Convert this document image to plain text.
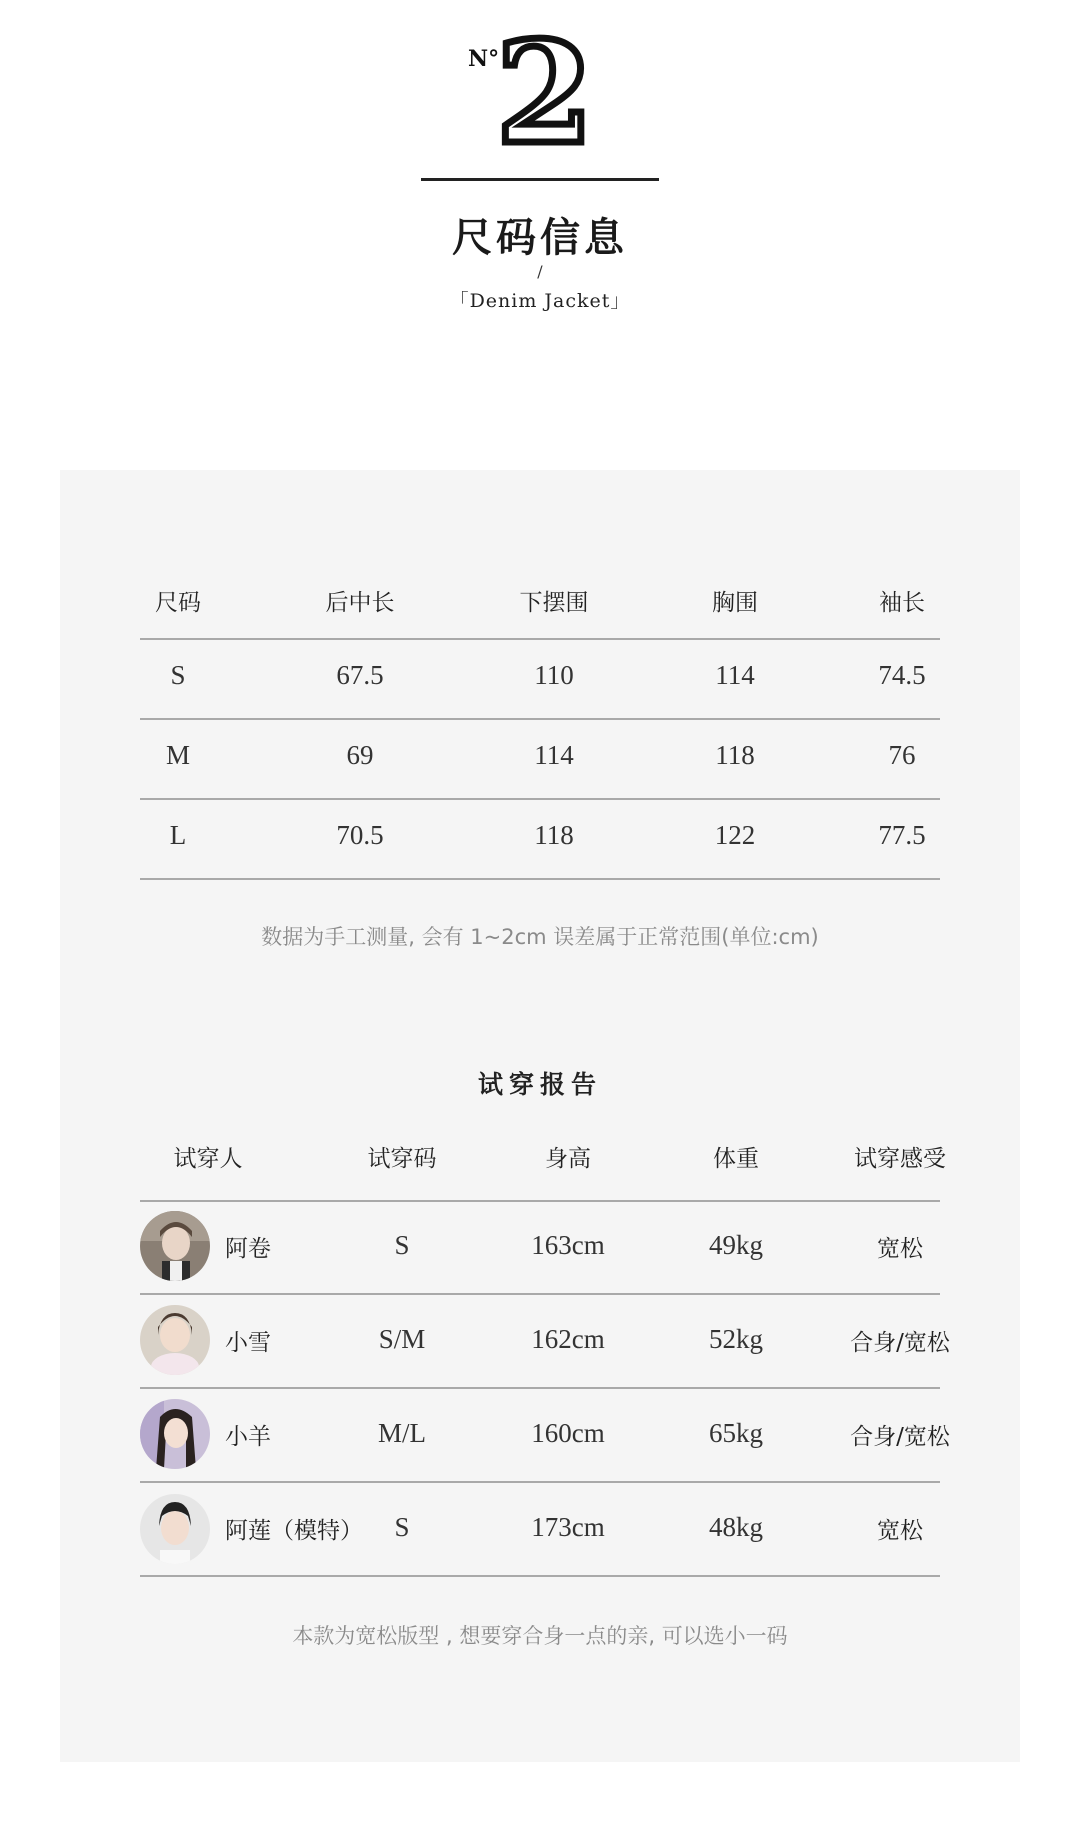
N°
2
尺码信息
/
「Denim Jacket」
尺码	后中长	下摆围	胸围	袖长
S	67.5	110	114	74.5
M	69	114	118	76
L	70.5	118	122	77.5
数据为手工测量, 会有 1~2cm 误差属于正常范围(单位:cm)
试穿报告
试穿人	试穿码	身高	体重	试穿感受
阿卷	S	163cm	49kg	宽松
小雪	S/M	162cm	52kg	合身/宽松
小羊	M/L	160cm	65kg	合身/宽松
阿莲（模特） S	173cm	48kg	宽松
本款为宽松版型 , 想要穿合身一点的亲, 可以选小一码
